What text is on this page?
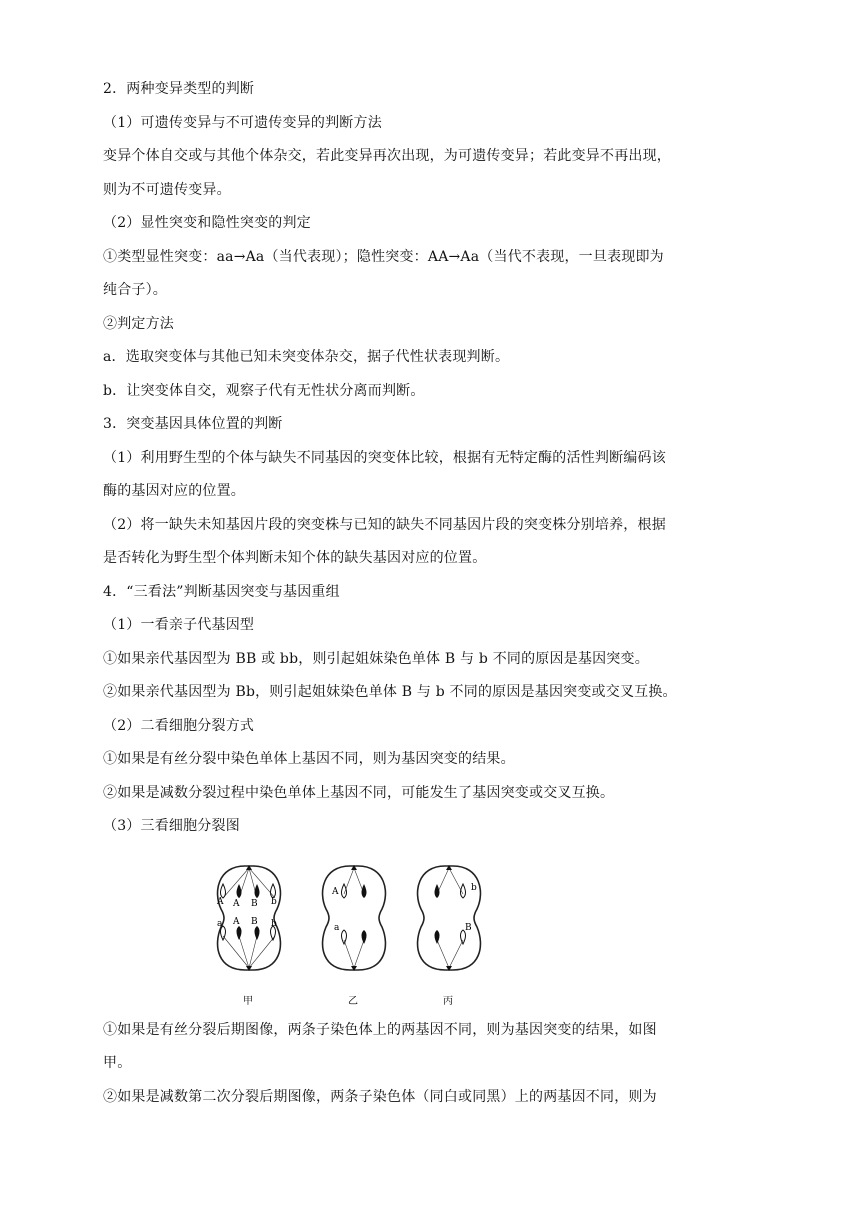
2．两种变异类型的判断
（1）可遗传变异与不可遗传变异的判断方法
变异个体自交或与其他个体杂交，若此变异再次出现，为可遗传变异；若此变异不再出现，
则为不可遗传变异。
（2）显性突变和隐性突变的判定
①类型显性突变：aa→Aa（当代表现）；隐性突变：AA→Aa（当代不表现，一旦表现即为
纯合子）。
②判定方法
a．选取突变体与其他已知未突变体杂交，据子代性状表现判断。
b．让突变体自交，观察子代有无性状分离而判断。
3．突变基因具体位置的判断
（1）利用野生型的个体与缺失不同基因的突变体比较，根据有无特定酶的活性判断编码该
酶的基因对应的位置。
（2）将一缺失未知基因片段的突变株与已知的缺失不同基因片段的突变株分别培养，根据
是否转化为野生型个体判断未知个体的缺失基因对应的位置。
4．“三看法”判断基因突变与基因重组
（1）一看亲子代基因型
①如果亲代基因型为 BB 或 bb，则引起姐妹染色单体 B 与 b 不同的原因是基因突变。
②如果亲代基因型为 Bb，则引起姐妹染色单体 B 与 b 不同的原因是基因突变或交叉互换。
（2）二看细胞分裂方式
①如果是有丝分裂中染色单体上基因不同，则为基因突变的结果。
②如果是减数分裂过程中染色单体上基因不同，可能发生了基因突变或交叉互换。
（3）三看细胞分裂图
A A B b
a A B b
A
a
b
B
甲	乙	丙
①如果是有丝分裂后期图像，两条子染色体上的两基因不同，则为基因突变的结果，如图
甲。
②如果是减数第二次分裂后期图像，两条子染色体（同白或同黑）上的两基因不同，则为
